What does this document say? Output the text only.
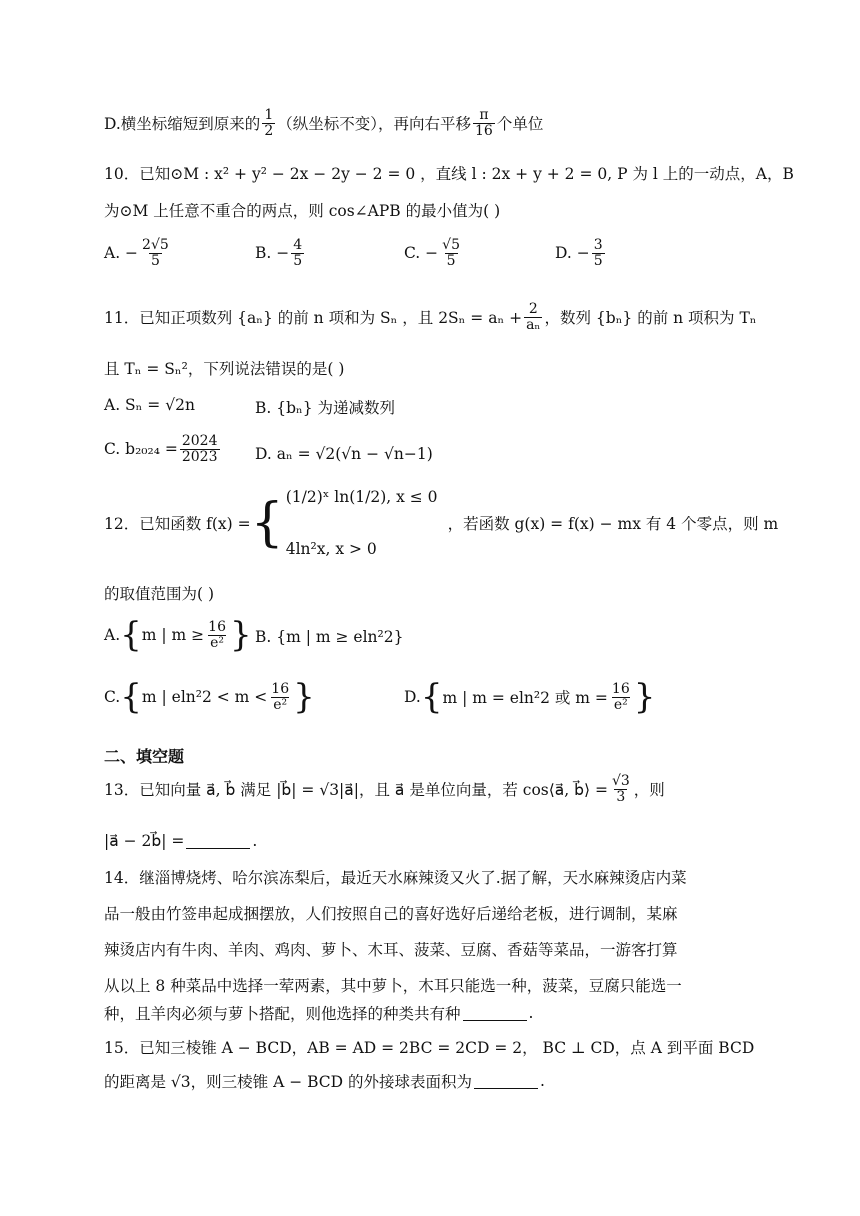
D.横坐标缩短到原来的 $\frac{1}{2}$ （纵坐标不变），再向右平移 $\frac{\pi}{16}$ 个单位
10．已知⊙M : x² + y² − 2x − 2y − 2 = 0 ，直线 l : 2x + y + 2 = 0, P 为 l 上的一动点，A，B
为⊙M 上任意不重合的两点，则 cos∠APB 的最小值为( )
A. − $\frac{2√5}{5}$	B. − $\frac{4}{5}$	C. − $\frac{√5}{5}$	D. − $\frac{3}{5}$
11．已知正项数列 {aₙ} 的前 n 项和为 Sₙ ，且 $2S_n = a_n + \frac{2}{\text{aₙ}}$ ，数列 {bₙ} 的前 n 项积为 Tₙ
且 Tₙ = Sₙ²，下列说法错误的是( )
A. Sₙ = √2n	B. {bₙ} 为递减数列
C. $b_{2024} = \frac{2024}{2023} D$. aₙ = √2(√n − √n−1)
12．已知函数 f(x) = { (1/2)ˣ ln(1/2), x ≤ 0
4ln²x, x > 0
，若函数 g(x) = f(x) − mx 有 4 个零点，则 m
的取值范围为( )
A. { m | $m \ge \frac{16}{\text{e²}}$ } B. {m | m ≥ eln²2}
C. { m | $eln^22 < m < \frac{16}{\text{e²}}$ }	D. { m | m = eln²2 或 $m = \frac{16}{\text{e²}}$ }
二、填空题
13．已知向量 a⃗, b⃗ 满足 |b⃗| = √3|a⃗|，且 a⃗ 是单位向量，若 cos⟨a⃗, b⃗⟩ = $\frac{√3}{3}$ ，则
|a⃗ − 2b⃗| =	.
14．继淄博烧烤、哈尔滨冻梨后，最近天水麻辣烫又火了.据了解，天水麻辣烫店内菜
品一般由竹签串起成捆摆放，人们按照自己的喜好选好后递给老板，进行调制，某麻
辣烫店内有牛肉、羊肉、鸡肉、萝卜、木耳、菠菜、豆腐、香菇等菜品，一游客打算
从以上 8 种菜品中选择一荤两素，其中萝卜，木耳只能选一种，菠菜，豆腐只能选一
种，且羊肉必须与萝卜搭配，则他选择的种类共有种	.
15．已知三棱锥 A − BCD，AB = AD = 2BC = 2CD = 2， BC ⊥ CD，点 A 到平面 BCD
的距离是 √3，则三棱锥 A − BCD 的外接球表面积为	.
